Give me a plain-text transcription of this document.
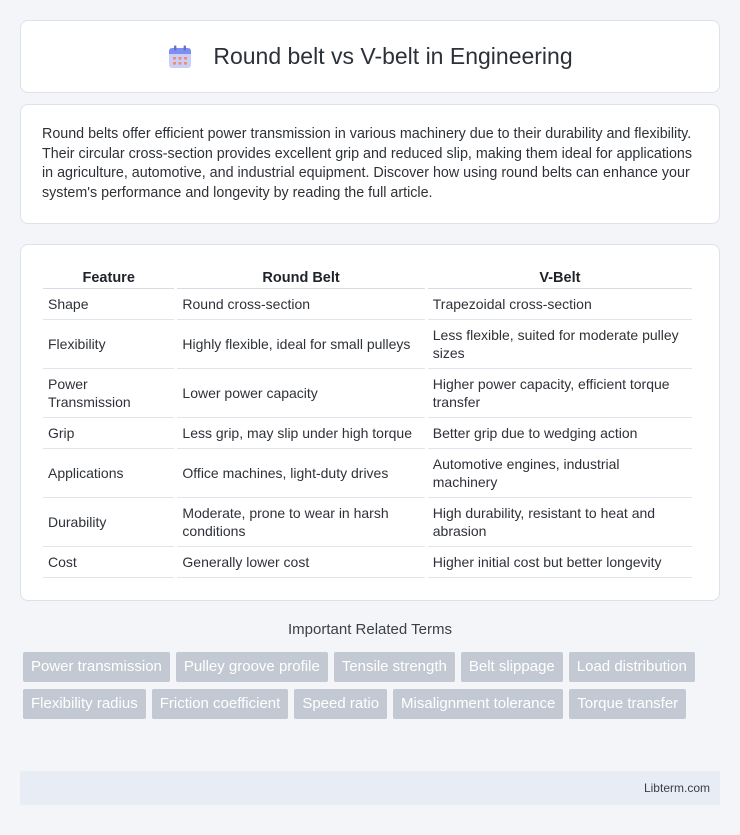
Round belt vs V-belt in Engineering

Round belts offer efficient power transmission in various machinery due to their durability and flexibility. Their circular cross-section provides excellent grip and reduced slip, making them ideal for applications in agriculture, automotive, and industrial equipment. Discover how using round belts can enhance your system's performance and longevity by reading the full article.

Feature	Round Belt	V-Belt
Shape	Round cross-section	Trapezoidal cross-section
Flexibility	Highly flexible, ideal for small pulleys	Less flexible, suited for moderate pulley sizes
Power Transmission	Lower power capacity	Higher power capacity, efficient torque transfer
Grip	Less grip, may slip under high torque	Better grip due to wedging action
Applications	Office machines, light-duty drives	Automotive engines, industrial machinery
Durability	Moderate, prone to wear in harsh conditions	High durability, resistant to heat and abrasion
Cost	Generally lower cost	Higher initial cost but better longevity
Important Related Terms
Power transmission	Pulley groove profile	Tensile strength	Belt slippage	Load distribution
Flexibility radius	Friction coefficient	Speed ratio	Misalignment tolerance	Torque transfer
Libterm.com
